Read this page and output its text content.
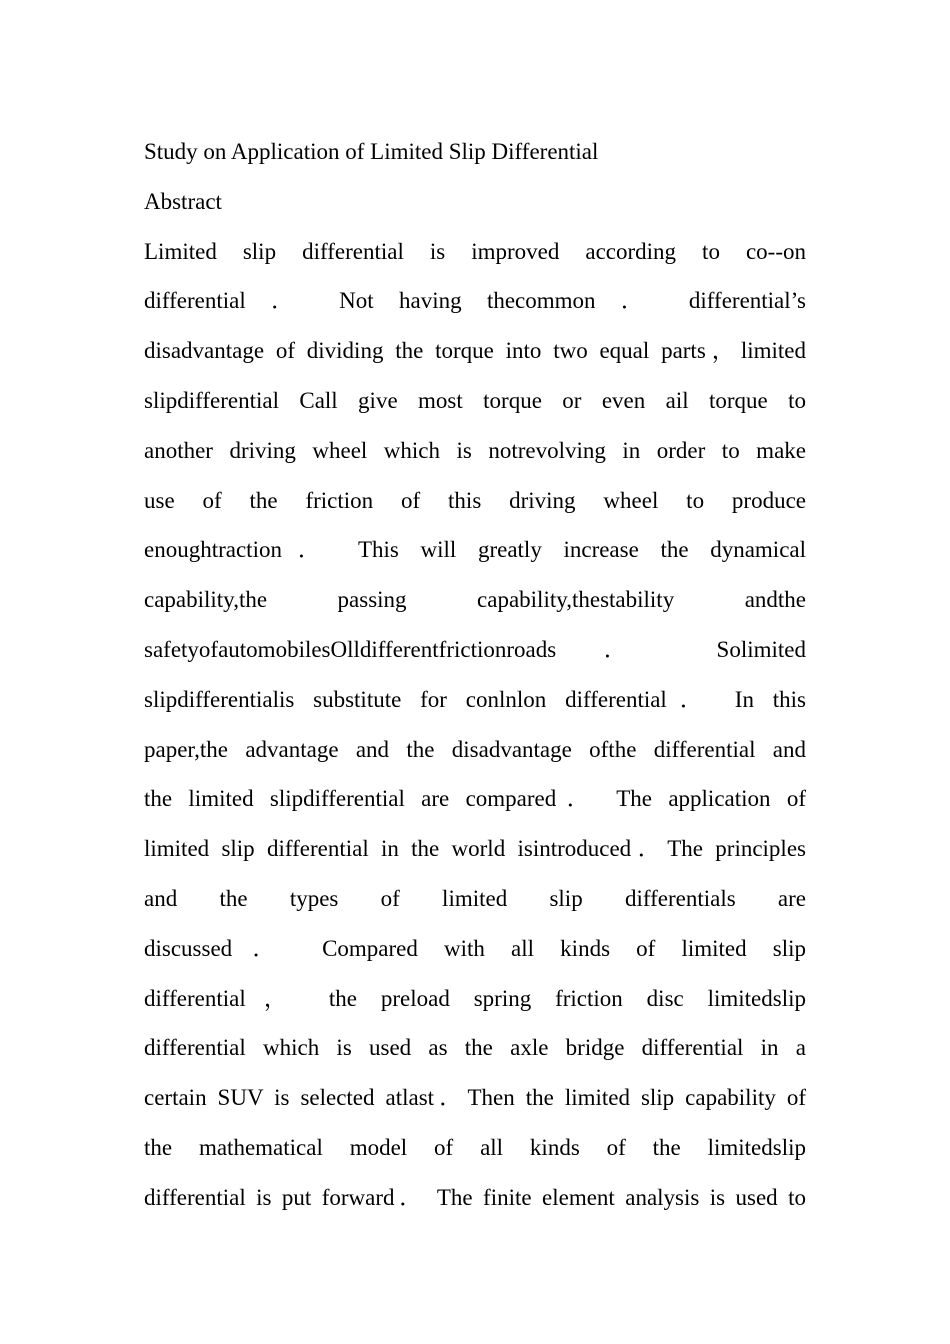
Study on Application of Limited Slip Differential
Abstract
Limited slip differential is improved according to co--on
differential ． Not having thecommon ． differential’s
disadvantage of dividing the torque into two equal parts，limited
slipdifferential Call give most torque or even ail torque to
another driving wheel which is notrevolving in order to make
use of the friction of this driving wheel to produce
enoughtraction． This will greatly increase the dynamical
capability,the passing capability,thestability andthe
safetyofautomobilesOlldifferentfrictionroads ． Solimited
slipdifferentialis substitute for conlnlon differential． In this
paper,the advantage and the disadvantage ofthe differential and
the limited slipdifferential are compared． The application of
limited slip differential in the world isintroduced．The principles
and the types of limited slip differentials are
discussed． Compared with all kinds of limited slip
differential， the preload spring friction disc limitedslip
differential which is used as the axle bridge differential in a
certain SUV is selected atlast．Then the limited slip capability of
the mathematical model of all kinds of the limitedslip
differential is put forward． The finite element analysis is used to
